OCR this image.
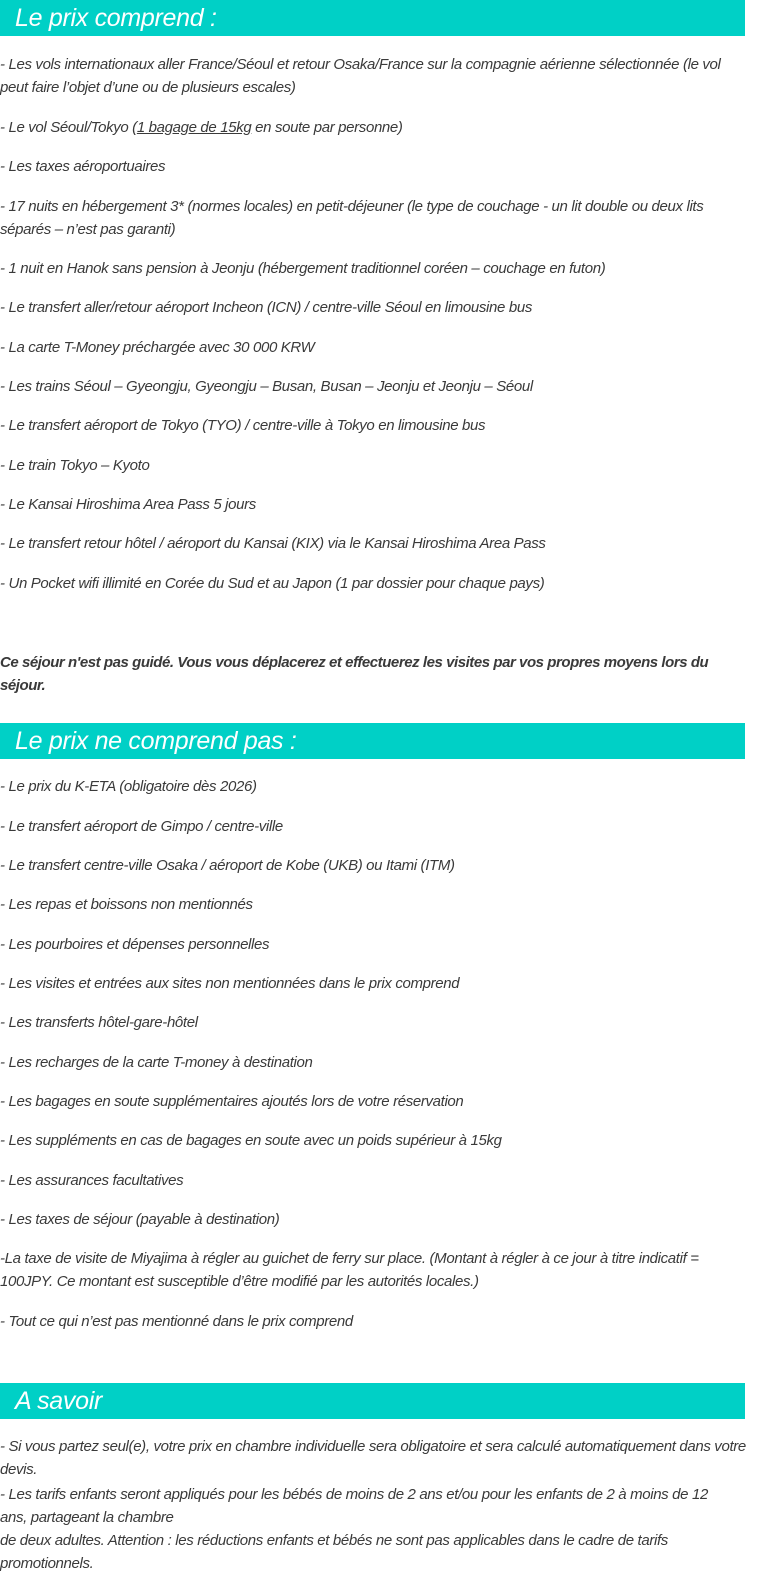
Le prix comprend :
- Les vols internationaux aller France/Séoul et retour Osaka/France sur la compagnie aérienne sélectionnée (le vol peut faire l’objet d’une ou de plusieurs escales)
- Le vol Séoul/Tokyo (1 bagage de 15kg en soute par personne)
- Les taxes aéroportuaires
- 17 nuits en hébergement 3* (normes locales) en petit-déjeuner (le type de couchage - un lit double ou deux lits séparés – n’est pas garanti)
- 1 nuit en Hanok sans pension à Jeonju (hébergement traditionnel coréen – couchage en futon)
- Le transfert aller/retour aéroport Incheon (ICN) / centre-ville Séoul en limousine bus
- La carte T-Money préchargée avec 30 000 KRW
- Les trains Séoul – Gyeongju, Gyeongju – Busan, Busan – Jeonju et Jeonju – Séoul
- Le transfert aéroport de Tokyo (TYO) / centre-ville à Tokyo en limousine bus
- Le train Tokyo – Kyoto
- Le Kansai Hiroshima Area Pass 5 jours
- Le transfert retour hôtel / aéroport du Kansai (KIX) via le Kansai Hiroshima Area Pass
- Un Pocket wifi illimité en Corée du Sud et au Japon (1 par dossier pour chaque pays)
Ce séjour n'est pas guidé. Vous vous déplacerez et effectuerez les visites par vos propres moyens lors du séjour.
Le prix ne comprend pas :
- Le prix du K-ETA (obligatoire dès 2026)
- Le transfert aéroport de Gimpo / centre-ville
- Le transfert centre-ville Osaka / aéroport de Kobe (UKB) ou Itami (ITM)
- Les repas et boissons non mentionnés
- Les pourboires et dépenses personnelles
- Les visites et entrées aux sites non mentionnées dans le prix comprend
- Les transferts hôtel-gare-hôtel
- Les recharges de la carte T-money à destination
- Les bagages en soute supplémentaires ajoutés lors de votre réservation
- Les suppléments en cas de bagages en soute avec un poids supérieur à 15kg
- Les assurances facultatives
- Les taxes de séjour (payable à destination)
-La taxe de visite de Miyajima à régler au guichet de ferry sur place. (Montant à régler à ce jour à titre indicatif = 100JPY. Ce montant est susceptible d’être modifié par les autorités locales.)
- Tout ce qui n’est pas mentionné dans le prix comprend
A savoir
- Si vous partez seul(e), votre prix en chambre individuelle sera obligatoire et sera calculé automatiquement dans votre devis.
- Les tarifs enfants seront appliqués pour les bébés de moins de 2 ans et/ou pour les enfants de 2 à moins de 12 ans, partageant la chambre
de deux adultes. Attention : les réductions enfants et bébés ne sont pas applicables dans le cadre de tarifs promotionnels.
